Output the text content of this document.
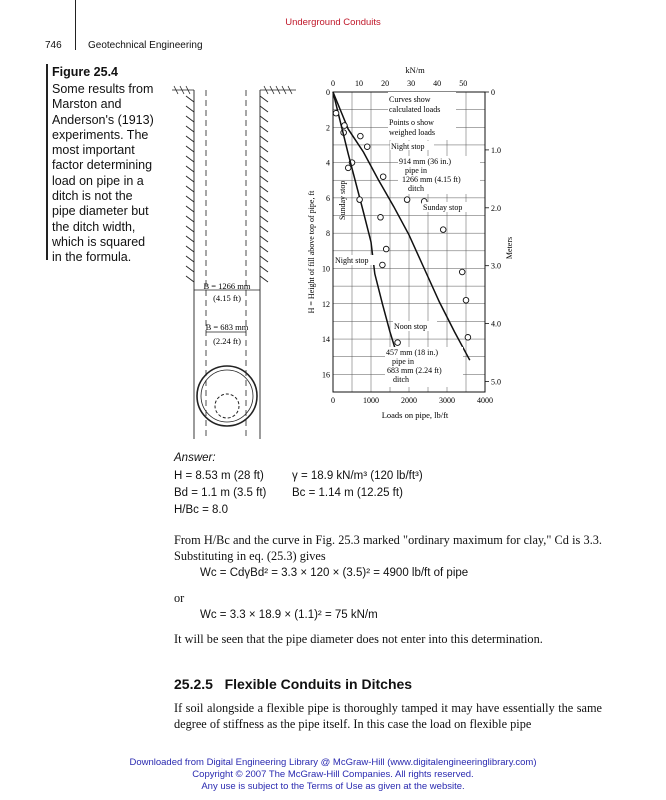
Underground Conduits
746	Geotechnical Engineering
Figure 25.4
Some results from
Marston and
Anderson's (1913)
experiments. The
most important
factor determining
load on pipe in a
ditch is not the
pipe diameter but
the ditch width,
which is squared
in the formula.
B = 1266 mm
(4.15 ft)
B = 683 mm
(2.24 ft)
0	1000	2000	3000	4000
0
2
4
6
8
10
12
14
16
0	10 20 30 40 50
0
1.0
2.0
3.0
4.0
5.0
kN/m
Loads on pipe, lb/ft
H = Height of fill above top of pipe, ft	Meters
Curves show
calculated loads
Points o show
weighed loads
Night stop
914 mm (36 in.)
pipe in
1266 mm (4.15 ft)
ditch
Sunday stop
Sunday stop
Night stop
Noon stop
457 mm (18 in.)
pipe in
683 mm (2.24 ft)
ditch
Answer:
H = 8.53 m (28 ft) γ = 18.9 kN/m³ (120 lb/ft³)
Bd = 1.1 m (3.5 ft) Bc = 1.14 m (12.25 ft)
H/Bc = 8.0
From H/Bc and the curve in Fig. 25.3 marked "ordinary maximum for clay," Cd is 3.3. Substituting in eq. (25.3) gives
Wc = CdγBd² = 3.3 × 120 × (3.5)² = 4900 lb/ft of pipe
or
Wc = 3.3 × 18.9 × (1.1)² = 75 kN/m
It will be seen that the pipe diameter does not enter into this determination.
25.2.5   Flexible Conduits in Ditches
If soil alongside a flexible pipe is thoroughly tamped it may have essentially the same degree of stiffness as the pipe itself. In this case the load on flexible pipe
Downloaded from Digital Engineering Library @ McGraw-Hill (www.digitalengineeringlibrary.com)
Copyright © 2007 The McGraw-Hill Companies. All rights reserved.
Any use is subject to the Terms of Use as given at the website.
